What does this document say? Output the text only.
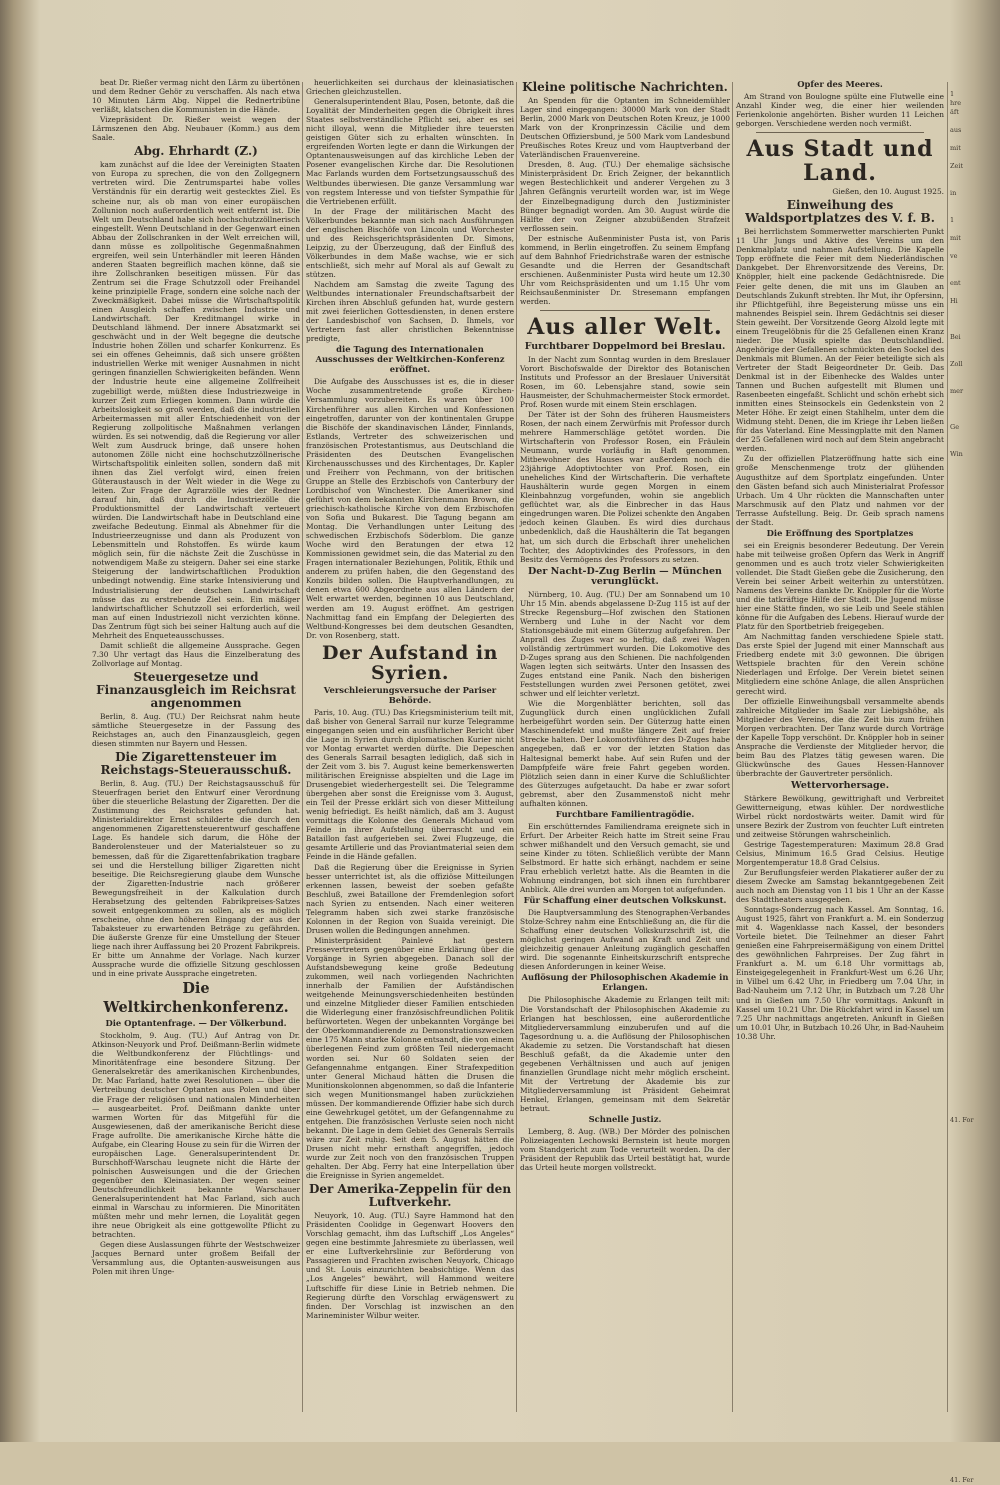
beat Dr. Rießer vermag nicht den Lärm zu übertönen und dem Redner Gehör zu verschaffen. Als nach etwa 10 Minuten Lärm Abg. Nippel die Rednertribüne verläßt, klatschen die Kommunisten in die Hände.

Vizepräsident Dr. Rießer weist wegen der Lärmszenen den Abg. Neubauer (Komm.) aus dem Saale.

Abg. Ehrhardt (Z.)

kam zunächst auf die Idee der Vereinigten Staaten von Europa zu sprechen, die von den Zollgegnern vertreten wird. Die Zentrumspartei habe volles Verständnis für ein derartig weit gestecktes Ziel. Es scheine nur, als ob man von einer europäischen Zollunion noch außerordentlich weit entfernt ist. Die Welt um Deutschland habe sich hochschutzzöllnerisch eingestellt. Wenn Deutschland in der Gegenwart einen Abbau der Zollschranken in der Welt erreichen will, dann müsse es zollpolitische Gegenmaßnahmen ergreifen, weil sein Unterhändler mit leeren Händen anderen Staaten begreiflich machen könne, daß sie ihre Zollschranken beseitigen müssen. Für das Zentrum sei die Frage Schutzzoll oder Freihandel keine prinzipielle Frage, sondern eine solche nach der Zweckmäßigkeit. Dabei müsse die Wirtschaftspolitik einen Ausgleich schaffen zwischen Industrie und Landwirtschaft. Der Kreditmangel wirke in Deutschland lähmend. Der innere Absatzmarkt sei geschwächt und in der Welt begegne die deutsche Industrie hohen Zöllen und scharfer Konkurrenz. Es sei ein offenes Geheimnis, daß sich unsere größten industriellen Werke mit weniger Ausnahmen in nicht geringen finanziellen Schwierigkeiten befänden. Wenn der Industrie heute eine allgemeine Zollfreiheit zugebilligt werde, müßten diese Industriezweige in kurzer Zeit zum Erliegen kommen. Dann würde die Arbeitslosigkeit so groß werden, daß die industriellen Arbeitermassen mit aller Entschiedenheit von der Regierung zollpolitische Maßnahmen verlangen würden. Es sei notwendig, daß die Regierung vor aller Welt zum Ausdruck bringe, daß unsere hohen autonomen Zölle nicht eine hochschutzzöllnerische Wirtschaftspolitik einleiten sollen, sondern daß mit ihnen das Ziel verfolgt wird, einen freien Güteraustausch in der Welt wieder in die Wege zu leiten. Zur Frage der Agrarzölle wies der Redner darauf hin, daß durch die Industriezölle die Produktionsmittel der Landwirtschaft verteuert würden. Die Landwirtschaft habe in Deutschland eine zweifache Bedeutung. Einmal als Abnehmer für die Industrieerzeugnisse und dann als Produzent von Lebensmitteln und Rohstoffen. Es würde kaum möglich sein, für die nächste Zeit die Zuschüsse in notwendigem Maße zu steigern. Daher sei eine starke Steigerung der landwirtschaftlichen Produktion unbedingt notwendig. Eine starke Intensivierung und Industrialisierung der deutschen Landwirtschaft müsse das zu erstrebende Ziel sein. Ein mäßiger landwirtschaftlicher Schutzzoll sei erforderlich, weil man auf einen Industriezoll nicht verzichten könne. Das Zentrum fügt sich bei seiner Haltung auch auf die Mehrheit des Enqueteausschusses.

Damit schließt die allgemeine Aussprache. Gegen 7.30 Uhr vertagt das Haus die Einzelberatung des Zollvorlage auf Montag.

Steuergesetze und Finanzausgleich im Reichsrat angenommen

Berlin, 8. Aug. (TU.) Der Reichsrat nahm heute sämtliche Steuergesetze in der Fassung des Reichstages an, auch den Finanzausgleich, gegen diesen stimmten nur Bayern und Hessen.

Die Zigarettensteuer im Reichstags-Steuerausschuß.

Berlin, 8. Aug. (TU.) Der Reichstagsausschuß für Steuerfragen beriet den Entwurf einer Verordnung über die steuerliche Belastung der Zigaretten. Der die Zustimmung des Reichsrates gefunden hat. Ministerialdirektor Ernst schilderte die durch den angenommenen Zigarettensteuerentwurf geschaffene Lage. Es handele sich darum, die Höhe der Banderolensteuer und der Materialsteuer so zu bemessen, daß für die Zigarettenfabrikation tragbare sei und die Herstellung billiger Zigaretten nicht beseitige. Die Reichsregierung glaube dem Wunsche der Zigaretten-Industrie nach größerer Bewegungsfreiheit in der Kalkulation durch Herabsetzung des geltenden Fabrikpreises-Satzes soweit entgegenkommen zu sollen, als es möglich erscheine, ohne den höheren Eingang der aus der Tabaksteuer zu erwartenden Beträge zu gefährden. Die äußerste Grenze für eine Umstellung der Steuer liege nach ihrer Auffassung bei 20 Prozent Fabrikpreis. Er bitte um Annahme der Vorlage. Nach kurzer Aussprache wurde die offizielle Sitzung geschlossen und in eine private Aussprache eingetreten.

Die
Weltkirchenkonferenz.
Die Optantenfrage. — Der Völkerbund.

Stockholm, 9. Aug. (TU.) Auf Antrag von Dr. Atkinson-Neuyork und Prof. Deißmann-Berlin widmete die Weltbundkonferenz der Flüchtlings- und Minoritätenfrage eine besondere Sitzung. Der Generalsekretär des amerikanischen Kirchenbundes, Dr. Mac Farland, hatte zwei Resolutionen — über die Vertreibung deutscher Optanten aus Polen und über die Frage der religiösen und nationalen Minderheiten — ausgearbeitet. Prof. Deißmann dankte unter warmen Worten für das Mitgefühl für die Ausgewiesenen, daß der amerikanische Bericht diese Frage aufrollte. Die amerikanische Kirche hätte die Aufgabe, ein Clearing House zu sein für die Wirren der europäischen Lage. Generalsuperintendent Dr. Burschhoff-Warschau leugnete nicht die Härte der polnischen Ausweisungen und die der Griechen gegenüber den Kleinasiaten. Der wegen seiner Deutschfreundlichkeit bekannte Warschauer Generalsuperintendent hat Mac Farland, sich auch einmal in Warschau zu informieren. Die Minoritäten müßten mehr und mehr lernen, die Loyalität gegen ihre neue Obrigkeit als eine gottgewollte Pflicht zu betrachten.

Gegen diese Auslassungen führte der Westschweizer Jacques Bernard unter großem Beifall der Versammlung aus, die Optanten-ausweisungen aus Polen mit ihren Unge-

heuerlichkeiten sei durchaus der kleinasiatischen Griechen gleichzustellen.

Generalsuperintendent Blau, Posen, betonte, daß die Loyalität der Minderheiten gegen die Obrigkeit ihres Staates selbstverständliche Pflicht sei, aber es sei nicht illoyal, wenn die Mitglieder ihre teuersten geistigen Güter sich zu erhalten wünschten. In ergreifenden Worten legte er dann die Wirkungen der Optantenausweisungen auf das kirchliche Leben der Posener evangelischen Kirche dar. Die Resolutionen Mac Farlands wurden dem Fortsetzungsausschuß des Weltbundes überwiesen. Die ganze Versammlung war von regstem Interesse und von tiefster Sympathie für die Vertriebenen erfüllt.

In der Frage der militärischen Macht des Völkerbundes bekannte man sich nach Ausführungen der englischen Bischöfe von Lincoln und Worchester und des Reichsgerichtspräsidenten Dr. Simons, Leipzig, zu der Überzeugung, daß der Einfluß des Völkerbundes in dem Maße wachse, wie er sich entschließt, sich mehr auf Moral als auf Gewalt zu stützen.

Nachdem am Samstag die zweite Tagung des Weltbundes internationaler Freundschaftsarbeit der Kirchen ihren Abschluß gefunden hat, wurde gestern mit zwei feierlichen Gottesdiensten, in denen erstere der Landesbischof von Sachsen, D. Ihmels, vor Vertretern fast aller christlichen Bekenntnisse predigte,

die Tagung des Internationalen Ausschusses der Weltkirchen-Konferenz eröffnet.

Die Aufgabe des Ausschusses ist es, die in dieser Woche zusammentretende große Kirchen-Versammlung vorzubereiten. Es waren über 100 Kirchenführer aus allen Kirchen und Konfessionen eingetroffen, darunter von der kontinentalen Gruppe die Bischöfe der skandinavischen Länder, Finnlands, Estlands, Vertreter des schweizerischen und französischen Protestantismus, aus Deutschland die Präsidenten des Deutschen Evangelischen Kirchenausschusses und des Kirchentages, Dr. Kapler und Freiherr von Pechmann, von der britischen Gruppe an Stelle des Erzbischofs von Canterbury der Lordbischof von Winchester. Die Amerikaner sind geführt von dem bekannten Kirchenmann Brown, die griechisch-katholische Kirche von dem Erzbischofen von Sofia und Bukarest. Die Tagung begann am Montag. Die Verhandlungen unter Leitung des schwedischen Erzbischofs Söderblom. Die ganze Woche wird den Beratungen der etwa 12 Kommissionen gewidmet sein, die das Material zu den Fragen internationaler Beziehungen, Politik, Ethik und anderem zu prüfen haben, die den Gegenstand des Konzils bilden sollen. Die Hauptverhandlungen, zu denen etwa 600 Abgeordnete aus allen Ländern der Welt erwartet werden, beginnen 10 aus Deutschland, werden am 19. August eröffnet. Am gestrigen Nachmittag fand ein Empfang der Delegierten des Weltbund-Kongresses bei dem deutschen Gesandten, Dr. von Rosenberg, statt.

Der Aufstand in Syrien.
Verschleierungsversuche der Pariser Behörde.

Paris, 10. Aug. (TU.) Das Kriegsministerium teilt mit, daß bisher von General Sarrail nur kurze Telegramme eingegangen seien und ein ausführlicher Bericht über die Lage in Syrien durch diplomatischen Kurier nicht vor Montag erwartet werden dürfte. Die Depeschen des Generals Sarrail besagten lediglich, daß sich in der Zeit vom 3. bis 7. August keine bemerkenswerten militärischen Ereignisse abspielten und die Lage im Drusengebiet wiederhergestellt sei. Die Telegramme übergehen aber sonst die Ereignisse vom 3. August, ein Teil der Presse erklärt sich von dieser Mitteilung wenig befriedigt. Es heißt nämlich, daß am 3. August vormittags die Kolonne des Generals Michaud vom Feinde in ihrer Aufstellung überrascht und ein Bataillon fast aufgerieben sei. Zwei Flugzeuge, die gesamte Artillerie und das Proviantmaterial seien dem Feinde in die Hände gefallen.

Daß die Regierung über die Ereignisse in Syrien besser unterrichtet ist, als die offiziöse Mitteilungen erkennen lassen, beweist der soeben gefaßte Beschluß, zwei Bataillone der Fremdenlegion sofort nach Syrien zu entsenden. Nach einer weiteren Telegramm haben sich zwei starke französische Kolonnen in der Region von Suaida vereinigt. Die Drusen wollen die Bedingungen annehmen.

Ministerpräsident Painlevé hat gestern Pressevertretern gegenüber eine Erklärung über die Vorgänge in Syrien abgegeben. Danach soll der Aufstandsbewegung keine große Bedeutung zukommen, weil nach vorliegenden Nachrichten innerhalb der Familien der Aufständischen weitgehende Meinungsverschiedenheiten bestünden und einzelne Mitglieder dieser Familien entschieden die Widerlegung einer französischfreundlichen Politik befürworteten. Wegen der unbekannten Vorgänge bei der Oberkommandierende zu Demonstrationszwecken eine 175 Mann starke Kolonne entsandt, die von einem überlegenen Feind zum größten Teil niedergemacht worden sei. Nur 60 Soldaten seien der Gefangennahme entgangen. Einer Strafexpedition unter General Michaud hätten die Drusen die Munitionskolonnen abgenommen, so daß die Infanterie sich wegen Munitionsmangel haben zurückziehen müssen. Der kommandierende Offizier habe sich durch eine Gewehrkugel getötet, um der Gefangennahme zu entgehen. Die französischen Verluste seien noch nicht bekannt. Die Lage in dem Gebiet des Generals Serrails wäre zur Zeit ruhig. Seit dem 5. August hätten die Drusen nicht mehr ernsthaft angegriffen, jedoch wurde zur Zeit noch von den französischen Truppen gehalten. Der Abg. Ferry hat eine Interpellation über die Ereignisse in Syrien angemeldet.

Der Amerika-Zeppelin für den Luftverkehr.

Neuyork, 10. Aug. (TU.) Sayre Hammond hat den Präsidenten Coolidge in Gegenwart Hoovers den Vorschlag gemacht, ihm das Luftschiff „Los Angeles“ gegen eine bestimmte Jahresmiete zu überlassen, weil er eine Luftverkehrslinie zur Beförderung von Passagieren und Frachten zwischen Neuyork, Chicago und St. Louis einzurichten beabsichtige. Wenn das „Los Angeles“ bewährt, will Hammond weitere Luftschiffe für diese Linie in Betrieb nehmen. Die Regierung dürfte den Vorschlag erwägenswert zu finden. Der Vorschlag ist inzwischen an den Marineminister Wilbur weiter.

Kleine politische Nachrichten.

An Spenden für die Optanten im Schneidemühler Lager sind eingegangen: 30000 Mark von der Stadt Berlin, 2000 Mark von Deutschen Roten Kreuz, je 1000 Mark von der Kronprinzessin Cäcilie und dem Deutschen Offiziersbund, je 500 Mark vom Landesbund Preußisches Rotes Kreuz und vom Hauptverband der Vaterländischen Frauenvereine.

Dresden, 8. Aug. (TU.) Der ehemalige sächsische Ministerpräsident Dr. Erich Zeigner, der bekanntlich wegen Bestechlichkeit und anderer Vergehen zu 3 Jahren Gefängnis verurteilt worden war, ist im Wege der Einzelbegnadigung durch den Justizminister Bünger begnadigt worden. Am 30. August würde die Hälfte der von Zeigner abzubüßenden Strafzeit verflossen sein.

Der estnische Außenminister Pusta ist, von Paris kommend, in Berlin eingetroffen. Zu seinem Empfang auf dem Bahnhof Friedrichstraße waren der estnische Gesandte und die Herren der Gesandtschaft erschienen. Außenminister Pusta wird heute um 12.30 Uhr vom Reichspräsidenten und um 1.15 Uhr vom Reichsaußenminister Dr. Stresemann empfangen werden.

Aus aller Welt.
Furchtbarer Doppelmord bei Breslau.

In der Nacht zum Sonntag wurden in dem Breslauer Vorort Bischofswalde der Direktor des Botanischen Instituts und Professor an der Breslauer Universität Rosen, im 60. Lebensjahre stand, sowie sein Hausmeister, der Schuhmachermeister Stock ermordet. Prof. Rosen wurde mit einem Stein erschlagen.

Der Täter ist der Sohn des früheren Hausmeisters Rosen, der nach einem Zerwürfnis mit Professor durch mehrere Hammerschläge getötet worden. Die Wirtschafterin von Professor Rosen, ein Fräulein Neumann, wurde vorläufig in Haft genommen. Mitbewohner des Hauses war außerdem noch die 23jährige Adoptivtochter von Prof. Rosen, ein uneheliches Kind der Wirtschafterin. Die verhaftete Haushälterin wurde gegen Morgen in einem Kleinbahnzug vorgefunden, wohin sie angeblich geflüchtet war, als die Einbrecher in das Haus eingedrungen waren. Die Polizei schenkte den Angaben jedoch keinen Glauben. Es wird dies durchaus unbedenklich, daß die Haushälterin die Tat begangen hat, um sich durch die Erbschaft ihrer unehelichen Tochter, des Adoptivkindes des Professors, in den Besitz des Vermögens des Professors zu setzen.

Der Nacht-D-Zug Berlin — München verunglückt.

Nürnberg, 10. Aug. (TU.) Der am Sonnabend um 10 Uhr 15 Min. abends abgelassene D-Zug 115 ist auf der Strecke Regensburg—Hof zwischen den Stationen Wernberg und Luhe in der Nacht vor dem Stationsgebäude mit einem Güterzug aufgefahren. Der Anprall des Zuges war so heftig, daß zwei Wagen vollständig zertrümmert wurden. Die Lokomotive des D-Zuges sprang aus den Schienen. Die nachfolgenden Wagen legten sich seitwärts. Unter den Insassen des Zuges entstand eine Panik. Nach den bisherigen Feststellungen wurden zwei Personen getötet, zwei schwer und elf leichter verletzt.

Wie die Morgenblätter berichten, soll das Zugunglück durch einen unglücklichen Zufall herbeigeführt worden sein. Der Güterzug hatte einen Maschinendefekt und mußte längere Zeit auf freier Strecke halten. Der Lokomotivführer des D-Zuges habe angegeben, daß er vor der letzten Station das Haltesignal bemerkt habe. Auf sein Rufen und der Dampfpfeife wäre freie Fahrt gegeben worden. Plötzlich seien dann in einer Kurve die Schlußlichter des Güterzuges aufgetaucht. Da habe er zwar sofort gebremst, aber den Zusammenstoß nicht mehr aufhalten können.

Furchtbare Familientragödie.

Ein erschütterndes Familiendrama ereignete sich in Erfurt. Der Arbeiter Reich hatte im Streit seine Frau schwer mißhandelt und den Versuch gemacht, sie und seine Kinder zu töten. Schließlich verübte der Mann Selbstmord. Er hatte sich erhängt, nachdem er seine Frau erheblich verletzt hatte. Als die Beamten in die Wohnung eindrangen, bot sich ihnen ein furchtbarer Anblick. Alle drei wurden am Morgen tot aufgefunden.

Für Schaffung einer deutschen Volkskunst.

Die Hauptversammlung des Stenographen-Verbandes Stolze-Schrey nahm eine Entschließung an, die für die Schaffung einer deutschen Volkskurzschrift ist, die möglichst geringen Aufwand an Kraft und Zeit und gleichzeitig genauer Anleitung zugänglich geschaffen wird. Die sogenannte Einheitskurzschrift entspreche diesen Anforderungen in keiner Weise.

Auflösung der Philosophischen Akademie in Erlangen.

Die Philosophische Akademie zu Erlangen teilt mit: Die Vorstandschaft der Philosophischen Akademie zu Erlangen hat beschlossen, eine außerordentliche Mitgliederversammlung einzuberufen und auf die Tagesordnung u. a. die Auflösung der Philosophischen Akademie zu setzen. Die Vorstandschaft hat diesen Beschluß gefaßt, da die Akademie unter den gegebenen Verhältnissen und auch auf jenigen finanziellen Grundlage nicht mehr möglich erscheint. Mit der Vertretung der Akademie bis zur Mitgliederversammlung ist Präsident Geheimrat Henkel, Erlangen, gemeinsam mit dem Sekretär betraut.

Schnelle Justiz.

Lemberg, 8. Aug. (WB.) Der Mörder des polnischen Polizeiagenten Lechowski Bernstein ist heute morgen vom Standgericht zum Tode verurteilt worden. Da der Präsident der Republik das Urteil bestätigt hat, wurde das Urteil heute morgen vollstreckt.

Opfer des Meeres.

Am Strand von Boulogne spülte eine Flutwelle eine Anzahl Kinder weg, die einer hier weilenden Ferienkolonie angehörten. Bisher wurden 11 Leichen geborgen. Verschiedene werden noch vermißt.

Aus Stadt und Land.
Gießen, den 10. August 1925.
Einweihung des Waldsportplatzes des V. f. B.

Bei herrlichstem Sommerwetter marschierten Punkt 11 Uhr Jungs und Aktive des Vereins um den Denkmalplatz und nahmen Aufstellung. Die Kapelle Topp eröffnete die Feier mit dem Niederländischen Dankgebet. Der Ehrenvorsitzende des Vereins, Dr. Knöppler, hielt eine packende Gedächtnisrede. Die Feier gelte denen, die mit uns im Glauben an Deutschlands Zukunft strebten. Ihr Mut, ihr Opfersinn, ihr Pflichtgefühl, ihre Begeisterung müsse uns ein mahnendes Beispiel sein. Ihrem Gedächtnis sei dieser Stein geweiht. Der Vorsitzende Georg Alzold legte mit einem Treugelöbnis für die 25 Gefallenen einen Kranz nieder. Die Musik spielte das Deutschlandlied. Angehörige der Gefallenen schmückten den Sockel des Denkmals mit Blumen. An der Feier beteiligte sich als Vertreter der Stadt Beigeordneter Dr. Geib. Das Denkmal ist in der Eibenhecke des Waldes unter Tannen und Buchen aufgestellt mit Blumen und Rasenbeeten eingefaßt. Schlicht und schön erhebt sich inmitten eines Steinsockels ein Gedenkstein von 2 Meter Höhe. Er zeigt einen Stahlhelm, unter dem die Widmung steht. Denen, die im Kriege ihr Leben ließen für das Vaterland. Eine Messingplatte mit den Namen der 25 Gefallenen wird noch auf dem Stein angebracht werden.

Zu der offiziellen Platzeröffnung hatte sich eine große Menschenmenge trotz der glühenden Augusthitze auf dem Sportplatz eingefunden. Unter den Gästen befand sich auch Ministerialrat Professor Urbach. Um 4 Uhr rückten die Mannschaften unter Marschmusik auf den Platz und nahmen vor der Terrasse Aufstellung. Beig. Dr. Geib sprach namens der Stadt.

Die Eröffnung des Sportplatzes

sei ein Ereignis besonderer Bedeutung. Der Verein habe mit teilweise großen Opfern das Werk in Angriff genommen und es auch trotz vieler Schwierigkeiten vollendet. Die Stadt Gießen gebe die Zusicherung, den Verein bei seiner Arbeit weiterhin zu unterstützen. Namens des Vereins dankte Dr. Knöppler für die Worte und die tatkräftige Hilfe der Stadt. Die Jugend müsse hier eine Stätte finden, wo sie Leib und Seele stählen könne für die Aufgaben des Lebens. Hierauf wurde der Platz für den Sportbetrieb freigegeben.

Am Nachmittag fanden verschiedene Spiele statt. Das erste Spiel der Jugend mit einer Mannschaft aus Friedberg endete mit 3:0 gewonnen. Die übrigen Wettspiele brachten für den Verein schöne Niederlagen und Erfolge. Der Verein bietet seinen Mitgliedern eine schöne Anlage, die allen Ansprüchen gerecht wird.

Der offizielle Einweihungsball versammelte abends zahlreiche Mitglieder im Saale zur Liebigshöhe, als Mitglieder des Vereins, die die Zeit bis zum frühen Morgen verbrachten. Der Tanz wurde durch Vorträge der Kapelle Topp verschönt. Dr. Knöppler hob in seiner Ansprache die Verdienste der Mitglieder hervor, die beim Bau des Platzes tätig gewesen waren. Die Glückwünsche des Gaues Hessen-Hannover überbrachte der Gauvertreter persönlich.

Wettervorhersage.

Stärkere Bewölkung, gewittrighaft und Verbreitet Gewitterneigung, etwas kühler. Der nordwestliche Wirbel rückt nordostwärts weiter. Damit wird für unsere Bezirk der Zustrom von feuchter Luft eintreten und zeitweise Störungen wahrscheinlich.

Gestrige Tagestemperaturen: Maximum 28.8 Grad Celsius, Minimum 16.5 Grad Celsius. Heutige Morgentemperatur 18.8 Grad Celsius.

Zur Beruflungsfeier werden Plakatierer außer der zu diesem Zwecke am Samstag bekanntgegebenen Zeit auch noch am Dienstag von 11 bis 1 Uhr an der Kasse des Stadttheaters ausgegeben.

Sonntags-Sonderzug nach Kassel. Am Sonntag, 16. August 1925, fährt von Frankfurt a. M. ein Sonderzug mit 4. Wagenklasse nach Kassel, der besonders Vorteile bietet. Die Teilnehmer an dieser Fahrt genießen eine Fahrpreisermäßigung von einem Drittel des gewöhnlichen Fahrpreises. Der Zug fährt in Frankfurt a. M. um 6.18 Uhr vormittags ab, Einsteigegelegenheit in Frankfurt-West um 6.26 Uhr, in Vilbel um 6.42 Uhr, in Friedberg um 7.04 Uhr, in Bad-Nauheim um 7.12 Uhr, in Butzbach um 7.28 Uhr und in Gießen um 7.50 Uhr vormittags. Ankunft in Kassel um 10.21 Uhr. Die Rückfahrt wird in Kassel um 7.25 Uhr nachmittags angetreten. Ankunft in Gießen um 10.01 Uhr, in Butzbach 10.26 Uhr, in Bad-Nauheim 10.38 Uhr.

1
hre
äft

aus

mit

Zeit

in

1

mit

ve

ent

Hi

Bei

Zoll

mer

Ge

Win

41. For

41. Fer
